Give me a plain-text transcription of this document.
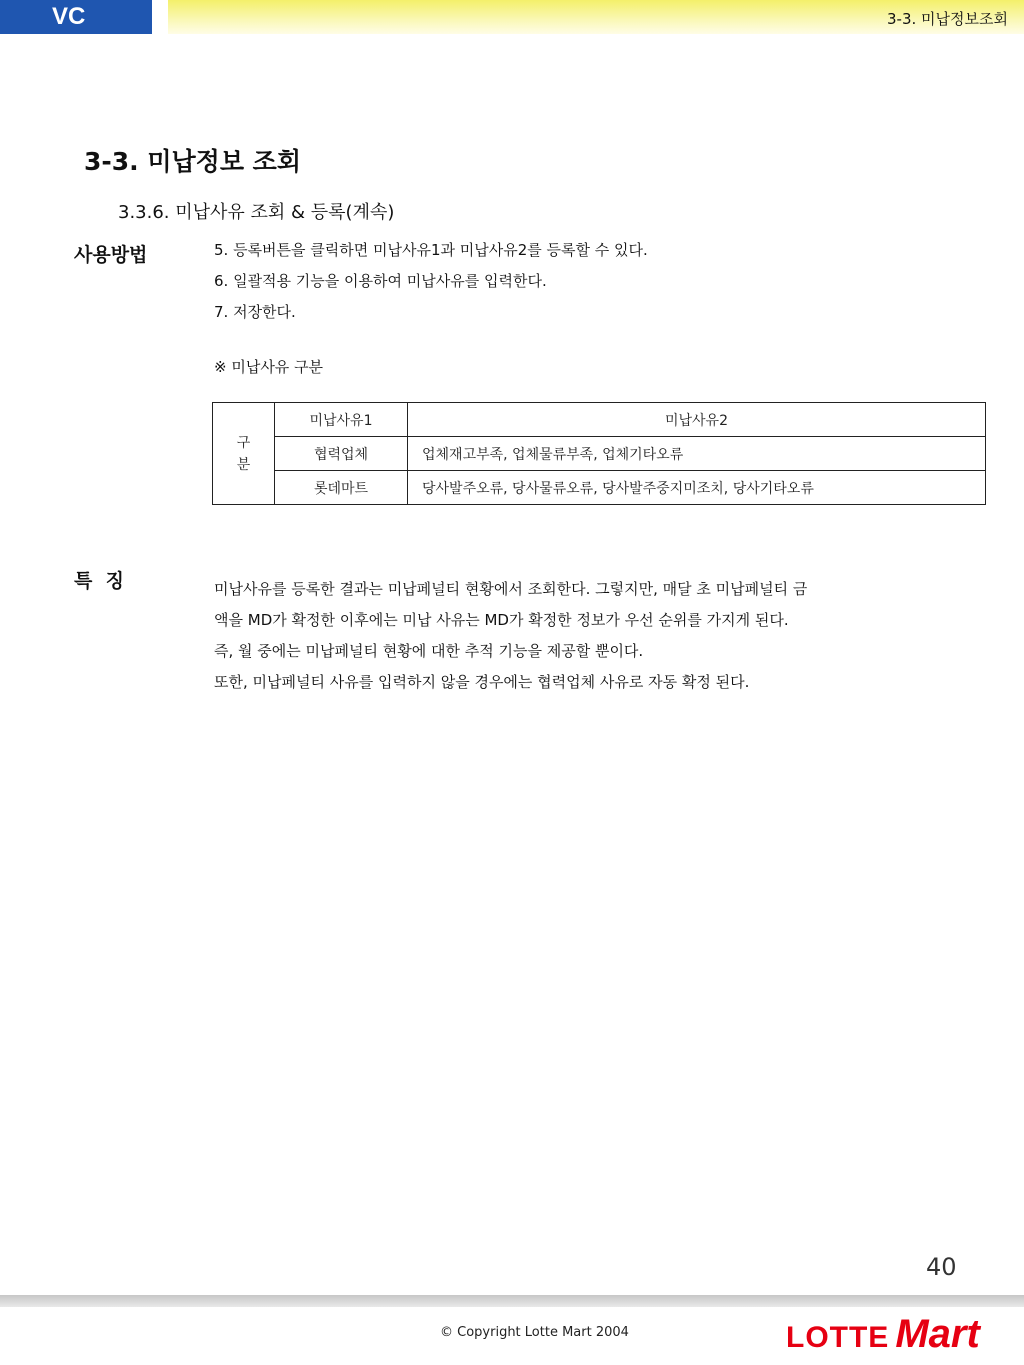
VC	3-3. 미납정보조회
3-3. 미납정보 조회
3.3.6. 미납사유 조회 & 등록(계속)
사용방법	5. 등록버튼을 클릭하면 미납사유1과 미납사유2를 등록할 수 있다.
6. 일괄적용 기능을 이용하여 미납사유를 입력한다.
7. 저장한다.
※ 미납사유 구분
구분	미납사유1	미납사유2
	협력업체	업체재고부족, 업체물류부족, 업체기타오류
	롯데마트	당사발주오류, 당사물류오류, 당사발주중지미조치, 당사기타오류
특  징	미납사유를 등록한 결과는 미납페널티 현황에서 조회한다. 그렇지만, 매달 초 미납페널티 금

액을 MD가 확정한 이후에는 미납 사유는 MD가 확정한 정보가 우선 순위를 가지게 된다.

즉, 월 중에는 미납페널티 현황에 대한 추적 기능을 제공할 뿐이다.

또한, 미납페널티 사유를 입력하지 않을 경우에는 협력업체 사유로 자동 확정 된다.

40
© Copyright Lotte Mart 2004	LOTTE Mart
